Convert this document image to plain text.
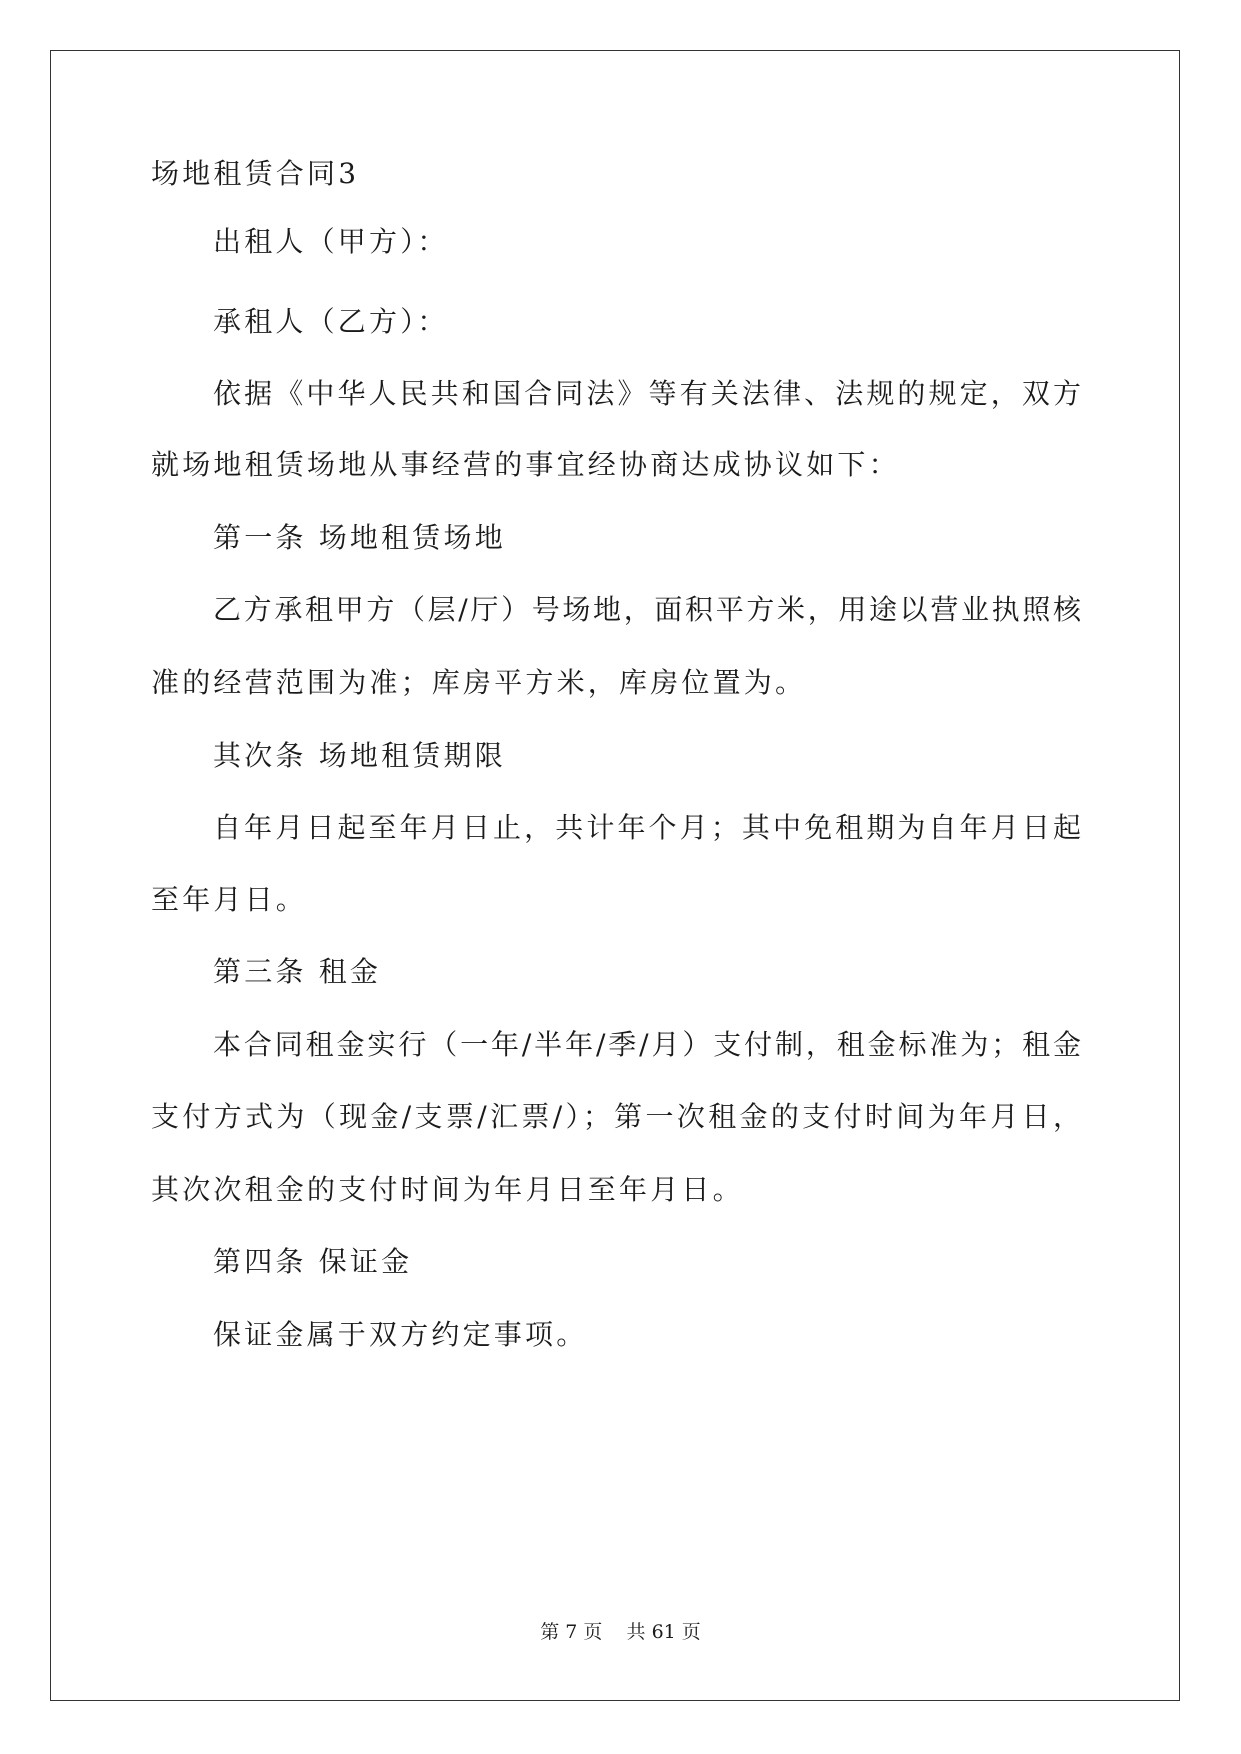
场地租赁合同3
出租人（甲方）：
承租人（乙方）：
依据《中华人民共和国合同法》等有关法律、法规的规定，双方
就场地租赁场地从事经营的事宜经协商达成协议如下：
第一条 场地租赁场地
乙方承租甲方（层/厅）号场地，面积平方米，用途以营业执照核
准的经营范围为准；库房平方米，库房位置为。
其次条 场地租赁期限
自年月日起至年月日止，共计年个月；其中免租期为自年月日起
至年月日。
第三条 租金
本合同租金实行（一年/半年/季/月）支付制，租金标准为；租金
支付方式为（现金/支票/汇票/）；第一次租金的支付时间为年月日，
其次次租金的支付时间为年月日至年月日。
第四条 保证金
保证金属于双方约定事项。
第 7 页    共 61 页
